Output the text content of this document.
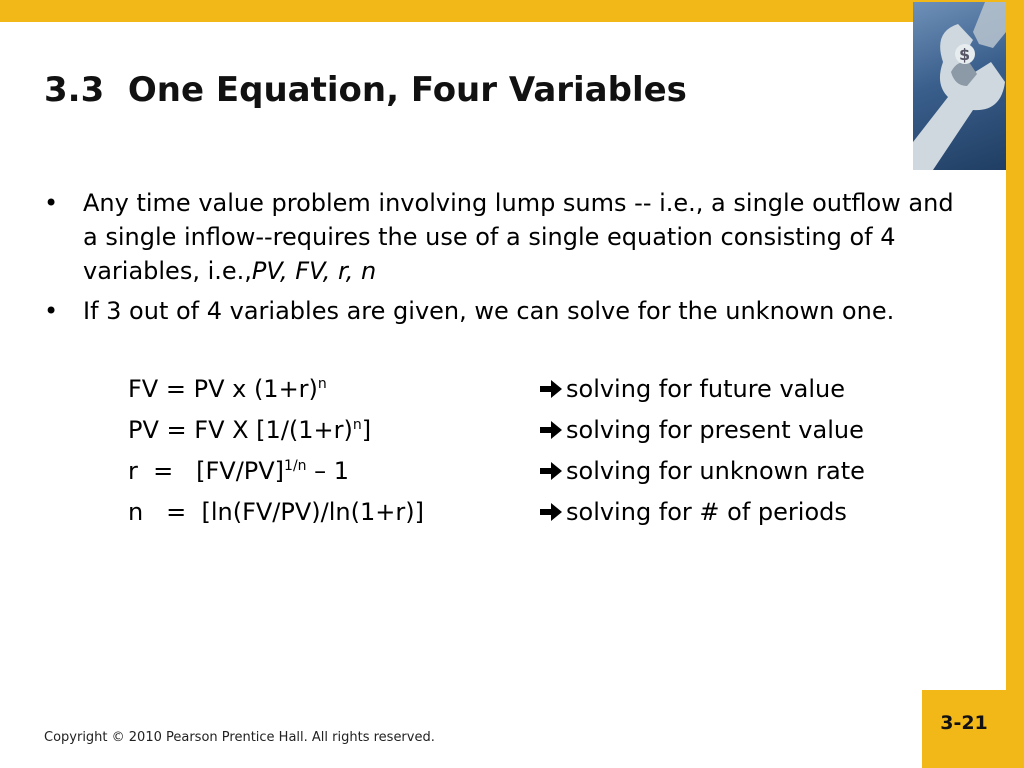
$
3.3  One Equation, Four Variables
• Any time value problem involving lump sums -- i.e., a single outflow and a single inflow--requires the use of a single equation consisting of 4 variables, i.e.,PV, FV, r, n
• If 3 out of 4 variables are given, we can solve for the unknown one.
FV = PV x $(1+r)^n$	solving for future value
PV = FV X $[1/(1+r)^n]$	solving for present value
$r = [FV/PV]^{1/n} - 1$	solving for unknown rate
n   =  [ln(FV/PV)/ln(1+r)]	solving for # of periods
Copyright © 2010 Pearson Prentice Hall. All rights reserved.
3-21
